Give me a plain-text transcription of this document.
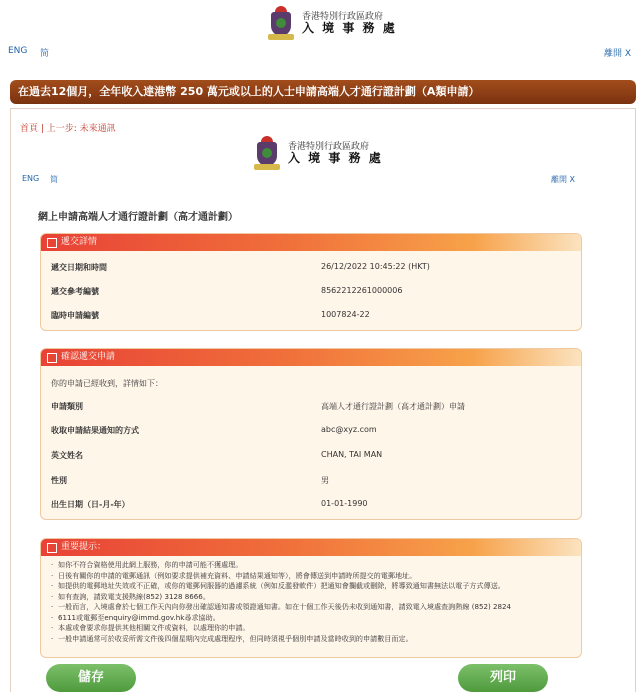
香港特別行政區政府
入 境 事 務 處
ENG 简	離開 X
在過去12個月，全年收入達港幣 250 萬元或以上的人士申請高端人才通行證計劃（A類申請）
首頁 | 上一步: 未來通訊
香港特別行政區政府
入 境 事 務 處
ENG 简	離開 X
網上申請高端人才通行證計劃（高才通計劃）
遞交詳情
遞交日期和時間	26/12/2022 10:45:22 (HKT)
遞交參考編號	8562212261000006
臨時申請編號	1007824-22
確認遞交申請
你的申請已經收到，詳情如下：
申請類別	高端人才通行證計劃（高才通計劃）申請
收取申請結果通知的方式	abc@xyz.com
英文姓名	CHAN, TAI MAN
性別	男
出生日期（日-月-年）	01-01-1990
重要提示：
· 如你不符合資格使用此網上服務，你的申請可能不獲處理。
· 日後有關你的申請的電郵通訊（例如要求提供補充資料、申請結果通知等），將會傳送到申請時所提交的電郵地址。
· 如提供的電郵地址失效或不正確，或你的電郵伺服器的過濾系統（例如反濫發軟件）把通知會攔截或刪除，將導致通知書無法以電子方式傳送。
· 如有查詢，請致電支援熱線(852) 3128 8666。
· 一般而言，入境處會於七個工作天內向你發出確認通知書或領證通知書。如在十個工作天後仍未收到通知書，請致電入境處查詢熱線 (852) 2824
· 6111或電郵至enquiry@immd.gov.hk尋求協助。
· 本處或會要求你提供其他相關文件或資料，以處理你的申請。
· 一般申請通常可於收妥所需文件後四個星期內完成處理程序，但同時須視乎個別申請及當時收到的申請數目而定。
儲存	列印
